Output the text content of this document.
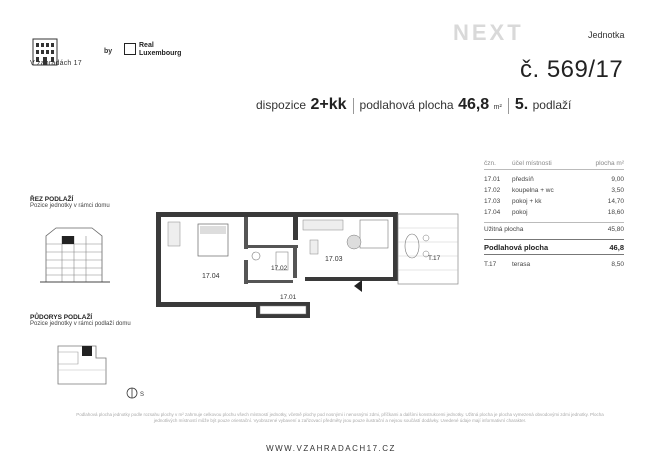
V zahradách 17
by
Real
Luxembourg
NEXT	Jednotka
č. 569/17
dispozice
2+kk podlahová plocha
46,8
m² 5.
podlaží
čzn.	účel místnosti	plocha m²
17.01	předsíň	9,00
17.02	koupelna + wc	3,50
17.03	pokoj + kk	14,70
17.04	pokoj	18,60
Užitná plocha	45,80
Podlahová plocha	46,8
T.17	terasa	8,50
ŘEZ PODLAŽÍ
Pozice jednotky v rámci domu
PŮDORYS PODLAŽÍ
Pozice jednotky v rámci podlaží domu
S
17.04
17.02
17.03
17.01
T.17
Podlahová plocha jednotky podle rozsahu plochy v m² zahrnuje celkovou plochu všech místností jednotky, včetně plochy pod nosnými i nenosnými zdmi, příčkami a dalšími konstrukcemi jednotky. Užitná plocha je plocha vymezená obvodovými zdmi jednotky. Plocha jednotlivých místností může být pouze orientační. Vyobrazené vybavení a zařizovací předměty jsou pouze ilustrační a nejsou součástí dodávky. Uvedené údaje mají informativní charakter.
WWW.VZAHRADACH17.CZ
